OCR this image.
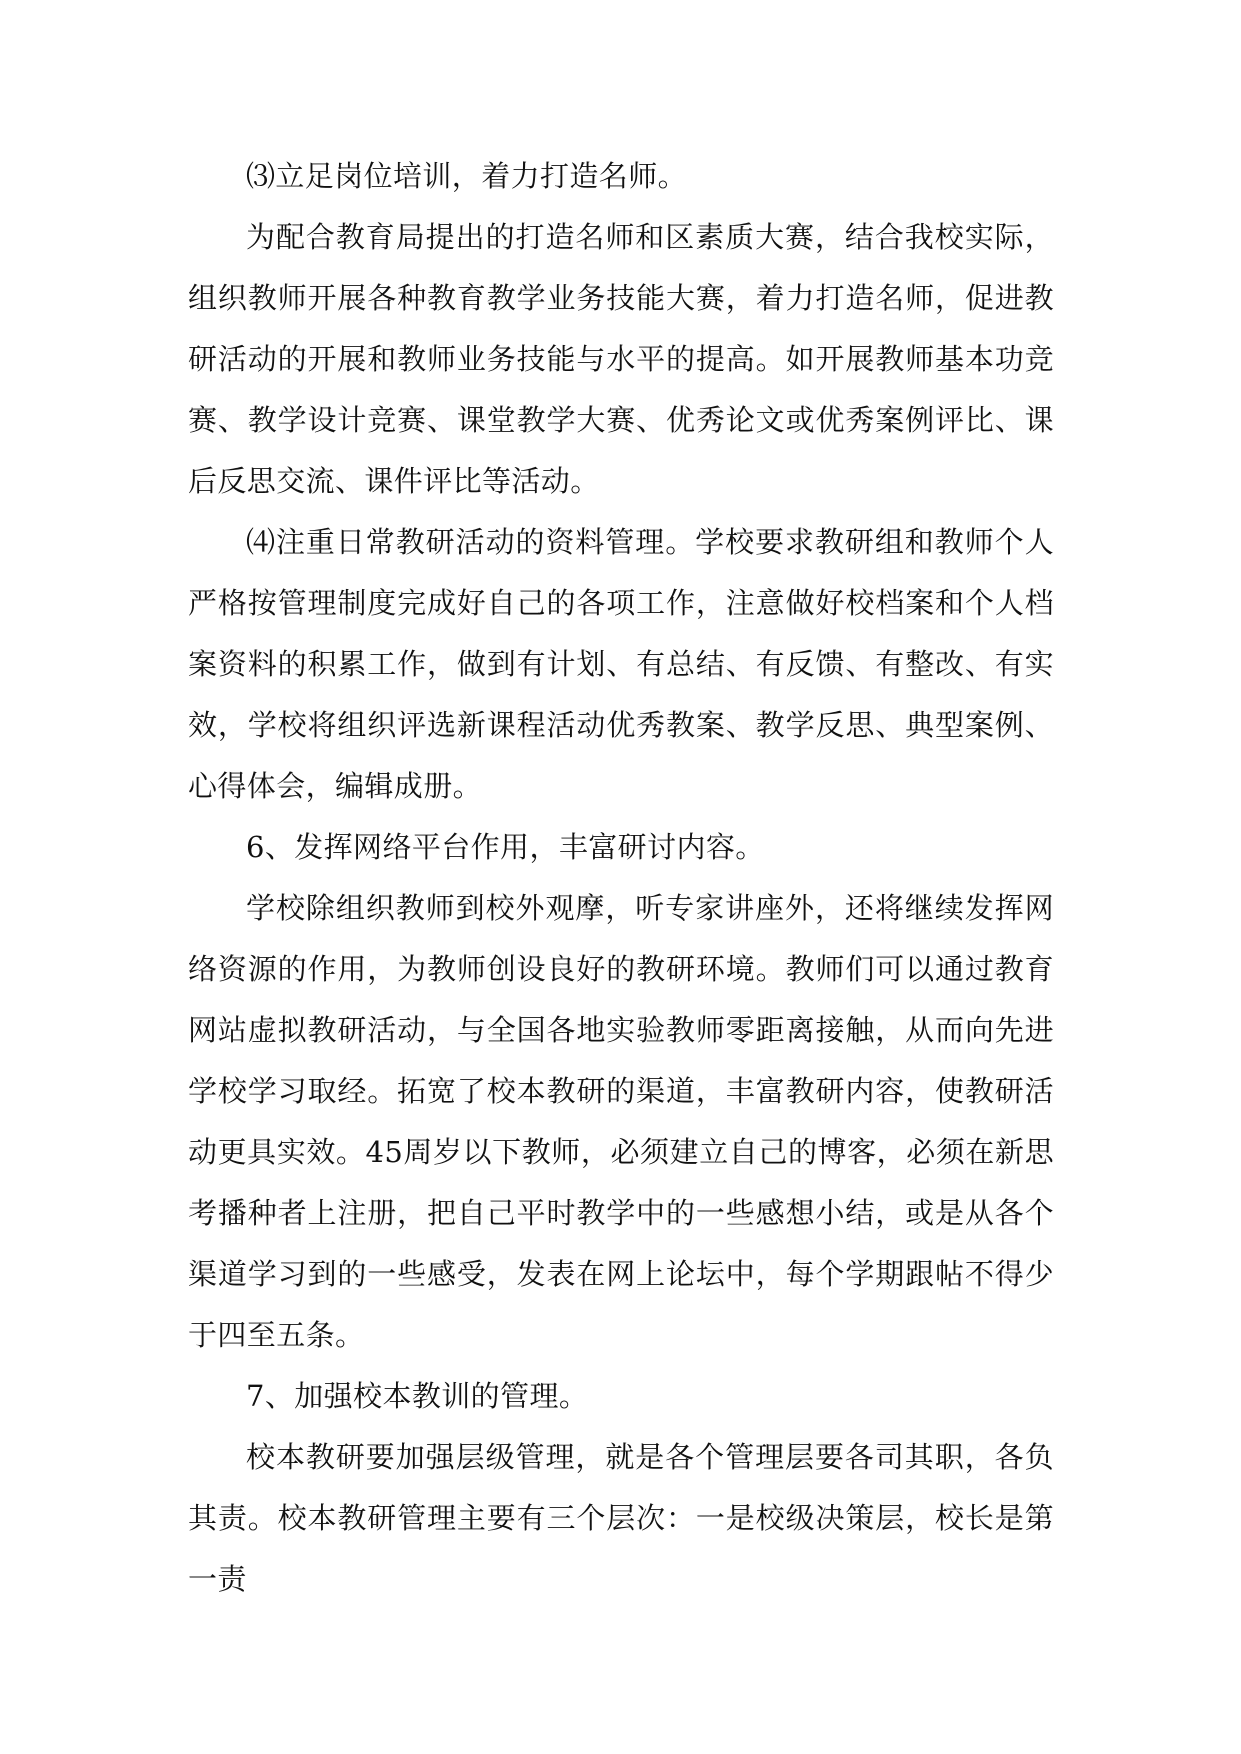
⑶立足岗位培训，着力打造名师。

为配合教育局提出的打造名师和区素质大赛，结合我校实际，组织教师开展各种教育教学业务技能大赛，着力打造名师，促进教研活动的开展和教师业务技能与水平的提高。如开展教师基本功竞赛、教学设计竞赛、课堂教学大赛、优秀论文或优秀案例评比、课后反思交流、课件评比等活动。

⑷注重日常教研活动的资料管理。学校要求教研组和教师个人严格按管理制度完成好自己的各项工作，注意做好校档案和个人档案资料的积累工作，做到有计划、有总结、有反馈、有整改、有实效，学校将组织评选新课程活动优秀教案、教学反思、典型案例、心得体会，编辑成册。

6、发挥网络平台作用，丰富研讨内容。

学校除组织教师到校外观摩，听专家讲座外，还将继续发挥网络资源的作用，为教师创设良好的教研环境。教师们可以通过教育网站虚拟教研活动，与全国各地实验教师零距离接触，从而向先进学校学习取经。拓宽了校本教研的渠道，丰富教研内容，使教研活动更具实效。45周岁以下教师，必须建立自己的博客，必须在新思考播种者上注册，把自己平时教学中的一些感想小结，或是从各个渠道学习到的一些感受，发表在网上论坛中，每个学期跟帖不得少于四至五条。

7、加强校本教训的管理。

校本教研要加强层级管理，就是各个管理层要各司其职，各负其责。校本教研管理主要有三个层次：一是校级决策层，校长是第一责
